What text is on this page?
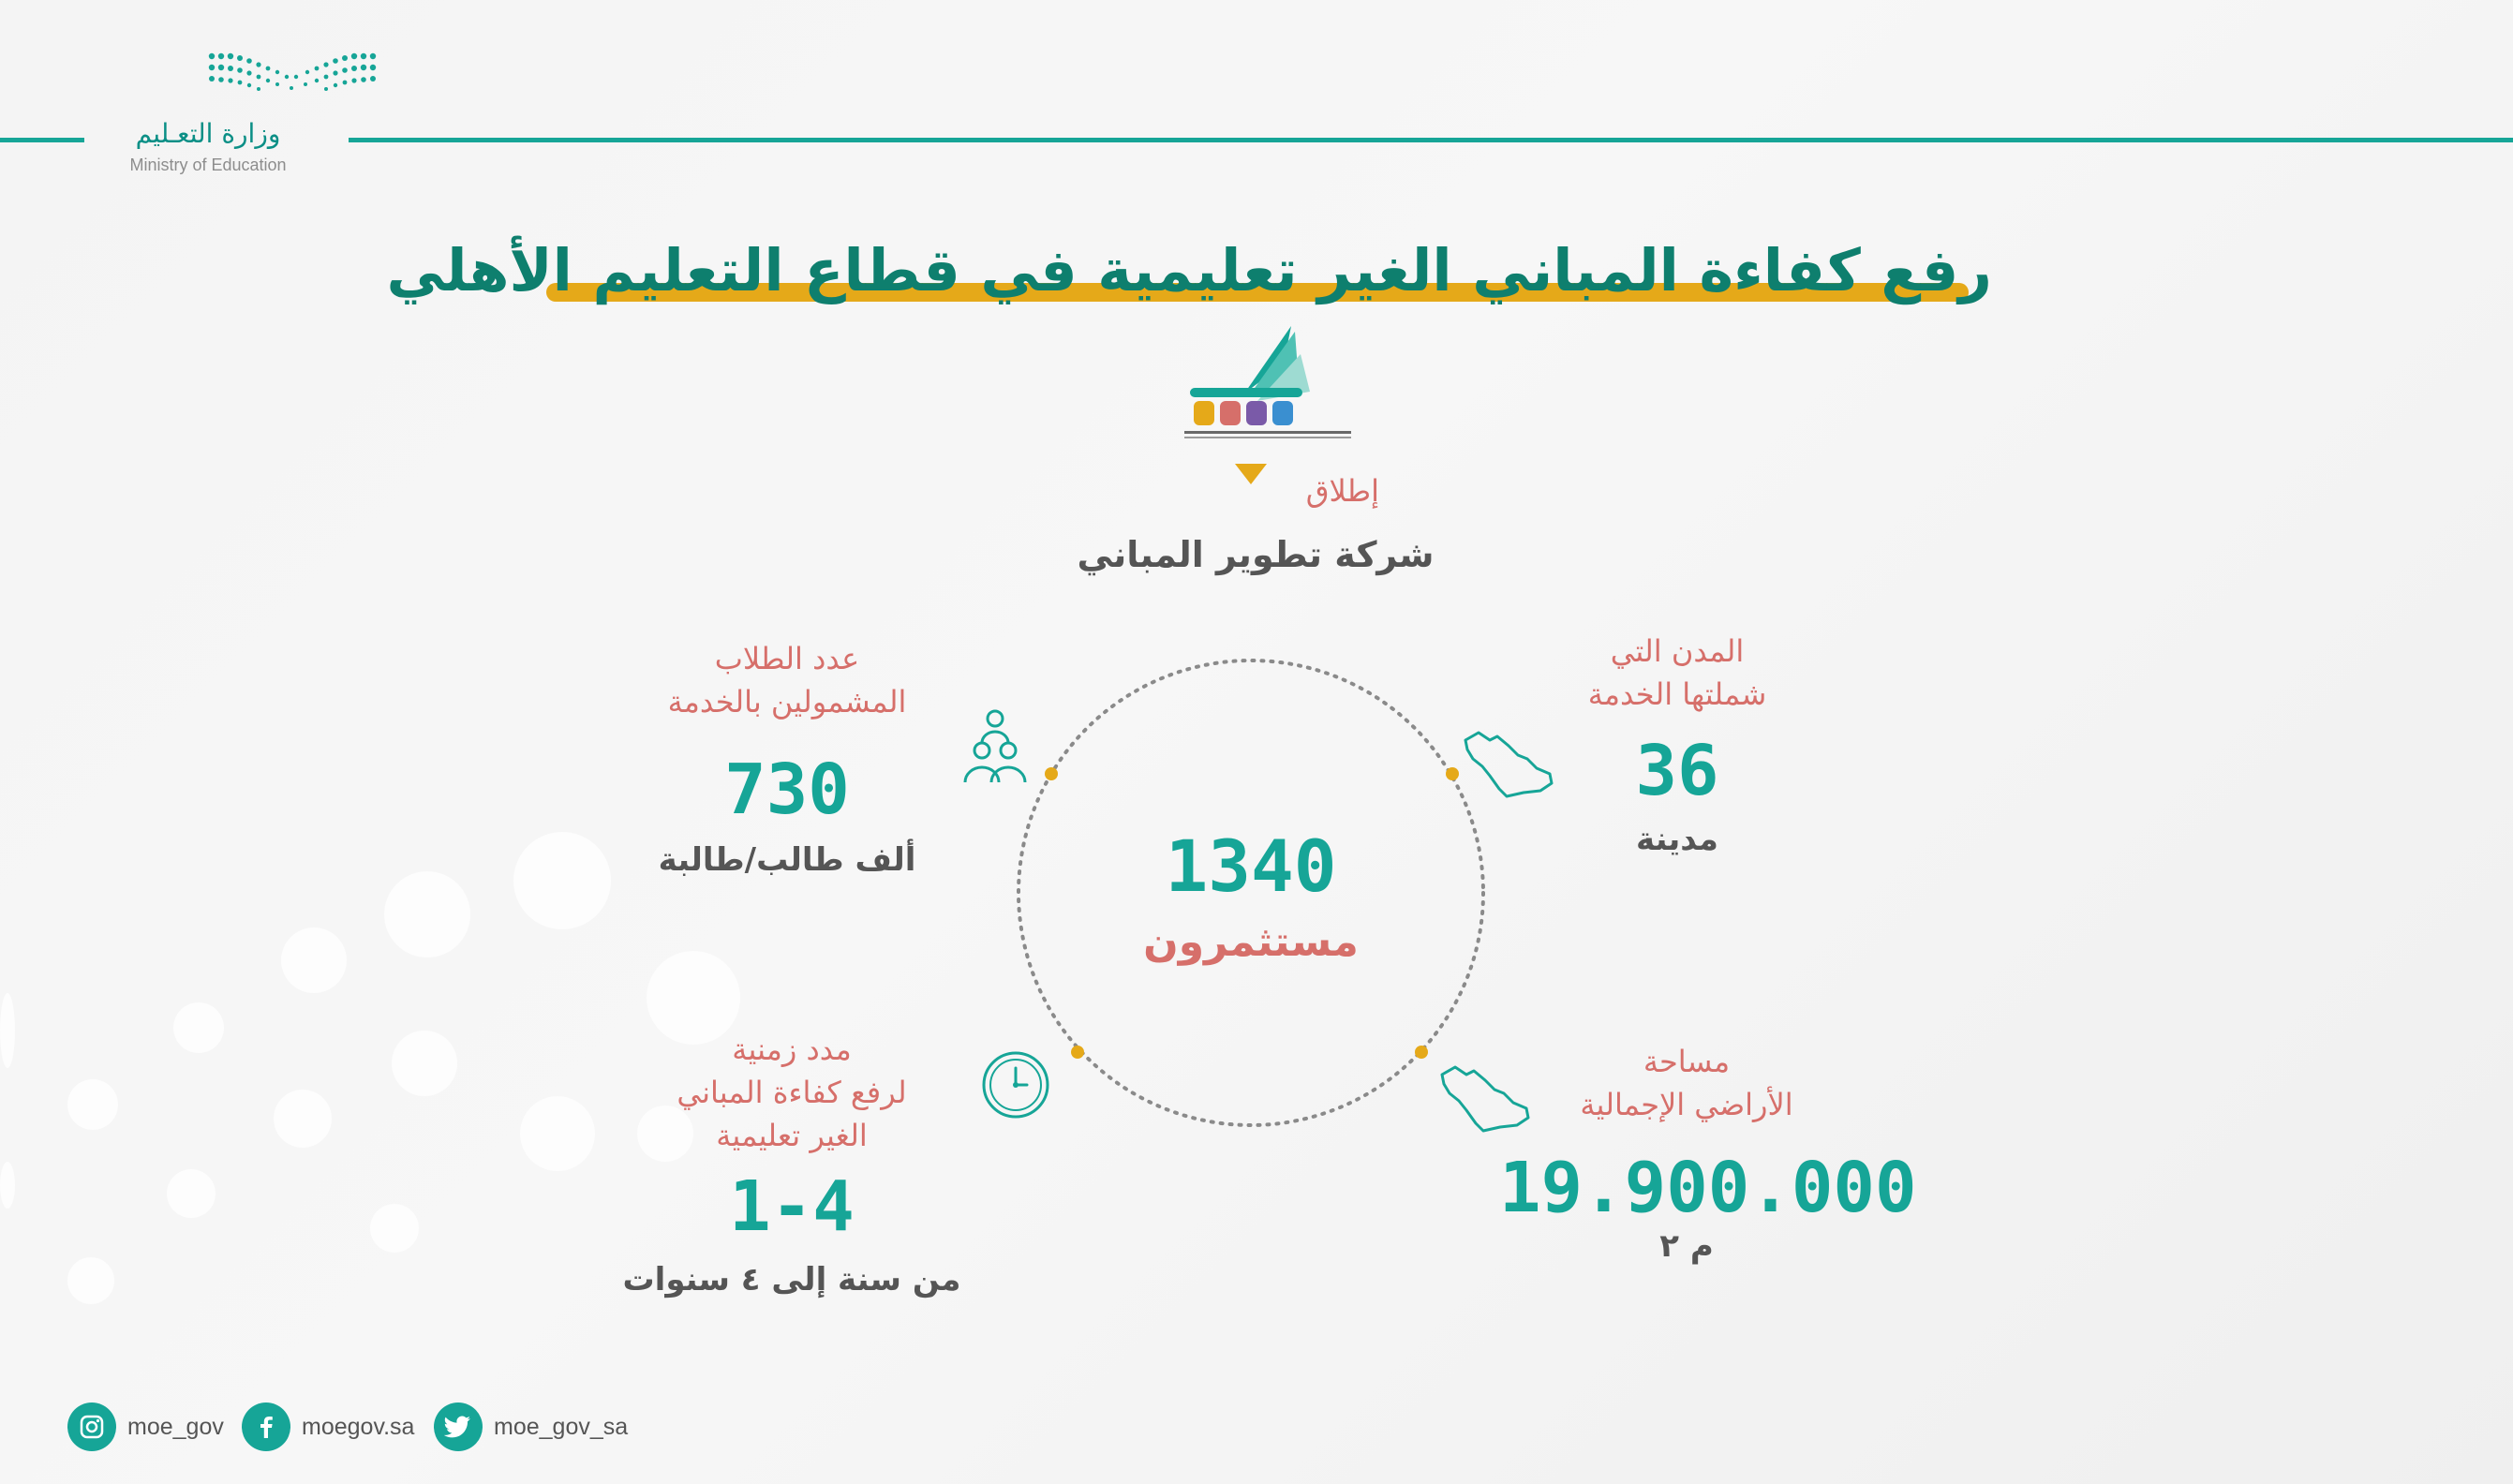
وزارة التعـليم
Ministry of Education
رفع كفاءة المباني الغير تعليمية في قطاع التعليم الأهلي
إطلاق
شركة تطوير المباني
1340
مستثمرون
عدد الطلاب
المشمولين بالخدمة
730
ألف طالب/طالبة
المدن التي
شملتها الخدمة
36
مدينة
مدد زمنية
لرفع كفاءة المباني
الغير تعليمية
1-4
من سنة إلى ٤ سنوات
مساحة
الأراضي الإجمالية
19.900.000
م ٢
moe_gov	moegov.sa	moe_gov_sa
